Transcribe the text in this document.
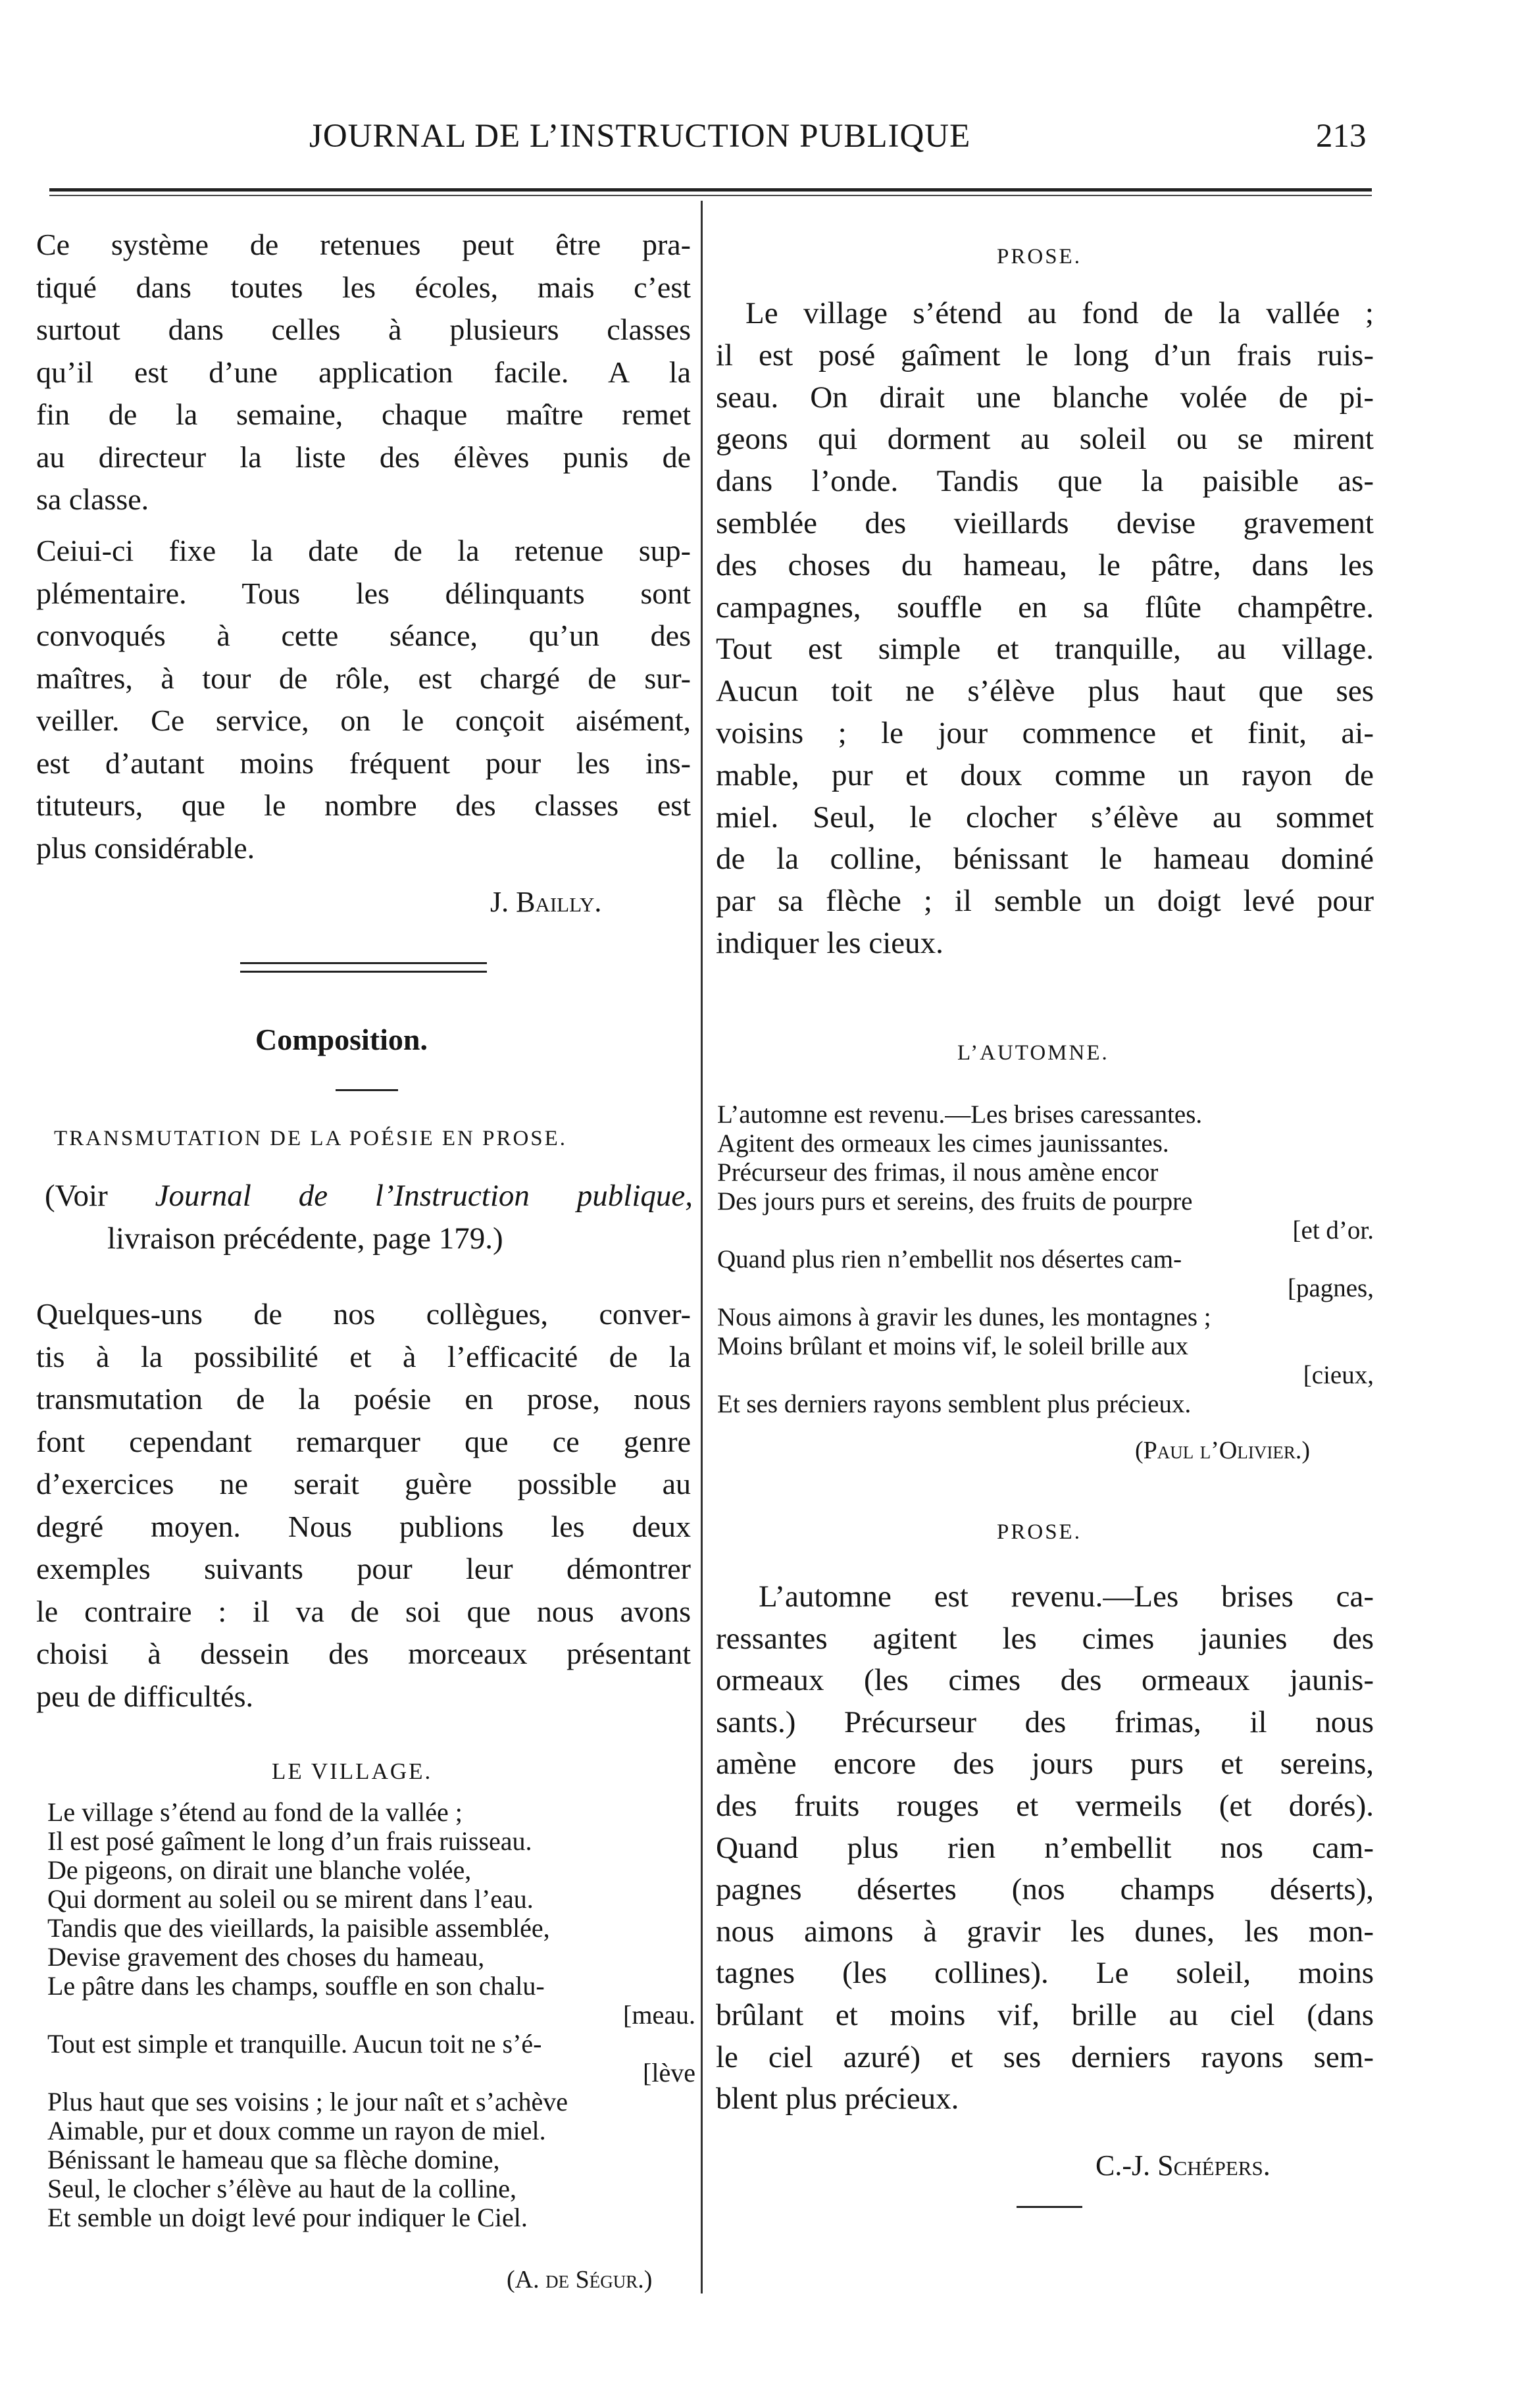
JOURNAL DE L’INSTRUCTION PUBLIQUE	213
Ce système de retenues peut être pra-
tiqué dans toutes les écoles, mais c’est
surtout dans celles à plusieurs classes
qu’il est d’une application facile. A la
fin de la semaine, chaque maître remet
au directeur la liste des élèves punis de
sa classe.
Ceiui-ci fixe la date de la retenue sup-
plémentaire. Tous les délinquants sont
convoqués à cette séance, qu’un des
maîtres, à tour de rôle, est chargé de sur-
veiller. Ce service, on le conçoit aisément,
est d’autant moins fréquent pour les ins-
tituteurs, que le nombre des classes est
plus considérable.
J. Bailly.
Composition.
TRANSMUTATION DE LA POÉSIE EN PROSE.
(Voir Journal de l’Instruction publique,
livraison précédente, page 179.)
Quelques-uns de nos collègues, conver-
tis à la possibilité et à l’efficacité de la
transmutation de la poésie en prose, nous
font cependant remarquer que ce genre
d’exercices ne serait guère possible au
degré moyen. Nous publions les deux
exemples suivants pour leur démontrer
le contraire : il va de soi que nous avons
choisi à dessein des morceaux présentant
peu de difficultés.
LE VILLAGE.
Le village s’étend au fond de la vallée ;
Il est posé gaîment le long d’un frais ruisseau.
De pigeons, on dirait une blanche volée,
Qui dorment au soleil ou se mirent dans l’eau.
Tandis que des vieillards, la paisible assemblée,
Devise gravement des choses du hameau,
Le pâtre dans les champs, souffle en son chalu-
[meau.
Tout est simple et tranquille. Aucun toit ne s’é-
[lève
Plus haut que ses voisins ; le jour naît et s’achève
Aimable, pur et doux comme un rayon de miel.
Bénissant le hameau que sa flèche domine,
Seul, le clocher s’élève au haut de la colline,
Et semble un doigt levé pour indiquer le Ciel.
(A. de Ségur.)
PROSE.
Le village s’étend au fond de la vallée ;
il est posé gaîment le long d’un frais ruis-
seau. On dirait une blanche volée de pi-
geons qui dorment au soleil ou se mirent
dans l’onde. Tandis que la paisible as-
semblée des vieillards devise gravement
des choses du hameau, le pâtre, dans les
campagnes, souffle en sa flûte champêtre.
Tout est simple et tranquille, au village.
Aucun toit ne s’élève plus haut que ses
voisins ; le jour commence et finit, ai-
mable, pur et doux comme un rayon de
miel. Seul, le clocher s’élève au sommet
de la colline, bénissant le hameau dominé
par sa flèche ; il semble un doigt levé pour
indiquer les cieux.
L’AUTOMNE.
L’automne est revenu.—Les brises caressantes.
Agitent des ormeaux les cimes jaunissantes.
Précurseur des frimas, il nous amène encor
Des jours purs et sereins, des fruits de pourpre
[et d’or.
Quand plus rien n’embellit nos désertes cam-
[pagnes,
Nous aimons à gravir les dunes, les montagnes ;
Moins brûlant et moins vif, le soleil brille aux
[cieux,
Et ses derniers rayons semblent plus précieux.
(Paul l’Olivier.)
PROSE.
L’automne est revenu.—Les brises ca-
ressantes agitent les cimes jaunies des
ormeaux (les cimes des ormeaux jaunis-
sants.) Précurseur des frimas, il nous
amène encore des jours purs et sereins,
des fruits rouges et vermeils (et dorés).
Quand plus rien n’embellit nos cam-
pagnes désertes (nos champs déserts),
nous aimons à gravir les dunes, les mon-
tagnes (les collines). Le soleil, moins
brûlant et moins vif, brille au ciel (dans
le ciel azuré) et ses derniers rayons sem-
blent plus précieux.
C.-J. Schépers.
